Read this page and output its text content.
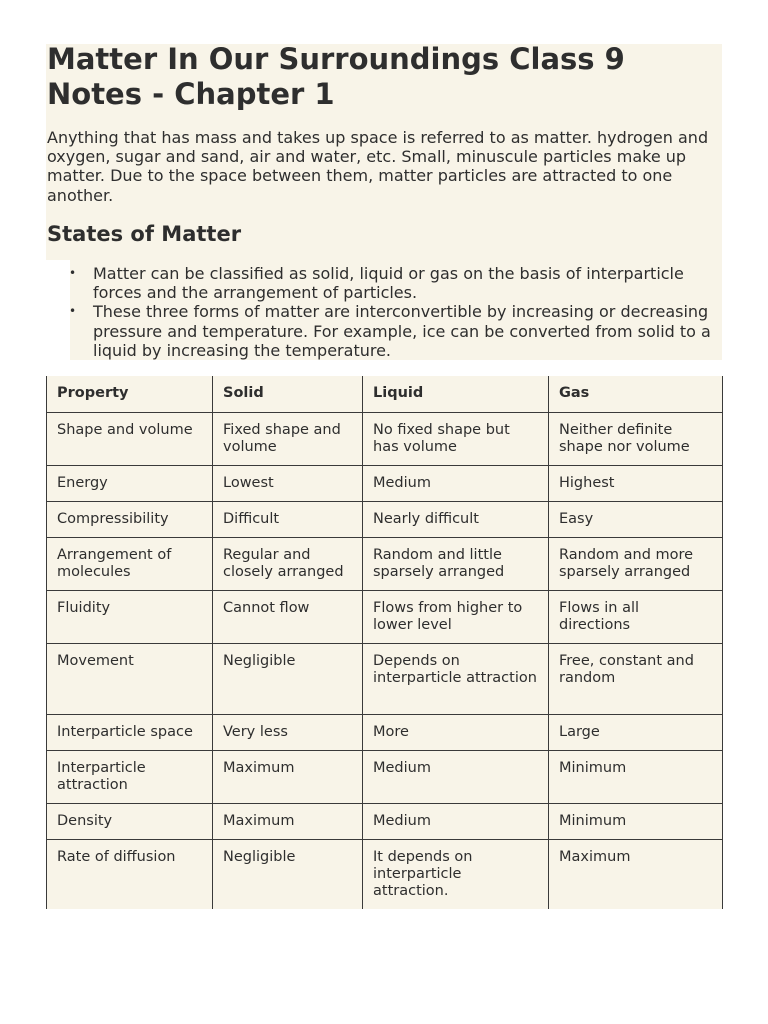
Matter In Our Surroundings Class 9 Notes - Chapter 1

Anything that has mass and takes up space is referred to as matter. hydrogen and oxygen, sugar and sand, air and water, etc. Small, minuscule particles make up matter. Due to the space between them, matter particles are attracted to one another.

States of Matter
• Matter can be classified as solid, liquid or gas on the basis of interparticle forces and the arrangement of particles.
• These three forms of matter are interconvertible by increasing or decreasing pressure and temperature. For example, ice can be converted from solid to a liquid by increasing the temperature.
Property	Solid	Liquid	Gas
Shape and volume	Fixed shape and volume	No fixed shape but has volume	Neither definite shape nor volume
Energy	Lowest	Medium	Highest
Compressibility	Difficult	Nearly difficult	Easy
Arrangement of molecules	Regular and closely arranged	Random and little sparsely arranged	Random and more sparsely arranged
Fluidity	Cannot flow	Flows from higher to lower level	Flows in all directions
Movement	Negligible	Depends on interparticle attraction	Free, constant and random
Interparticle space	Very less	More	Large
Interparticle attraction	Maximum	Medium	Minimum
Density	Maximum	Medium	Minimum
Rate of diffusion	Negligible	It depends on interparticle attraction.	Maximum
